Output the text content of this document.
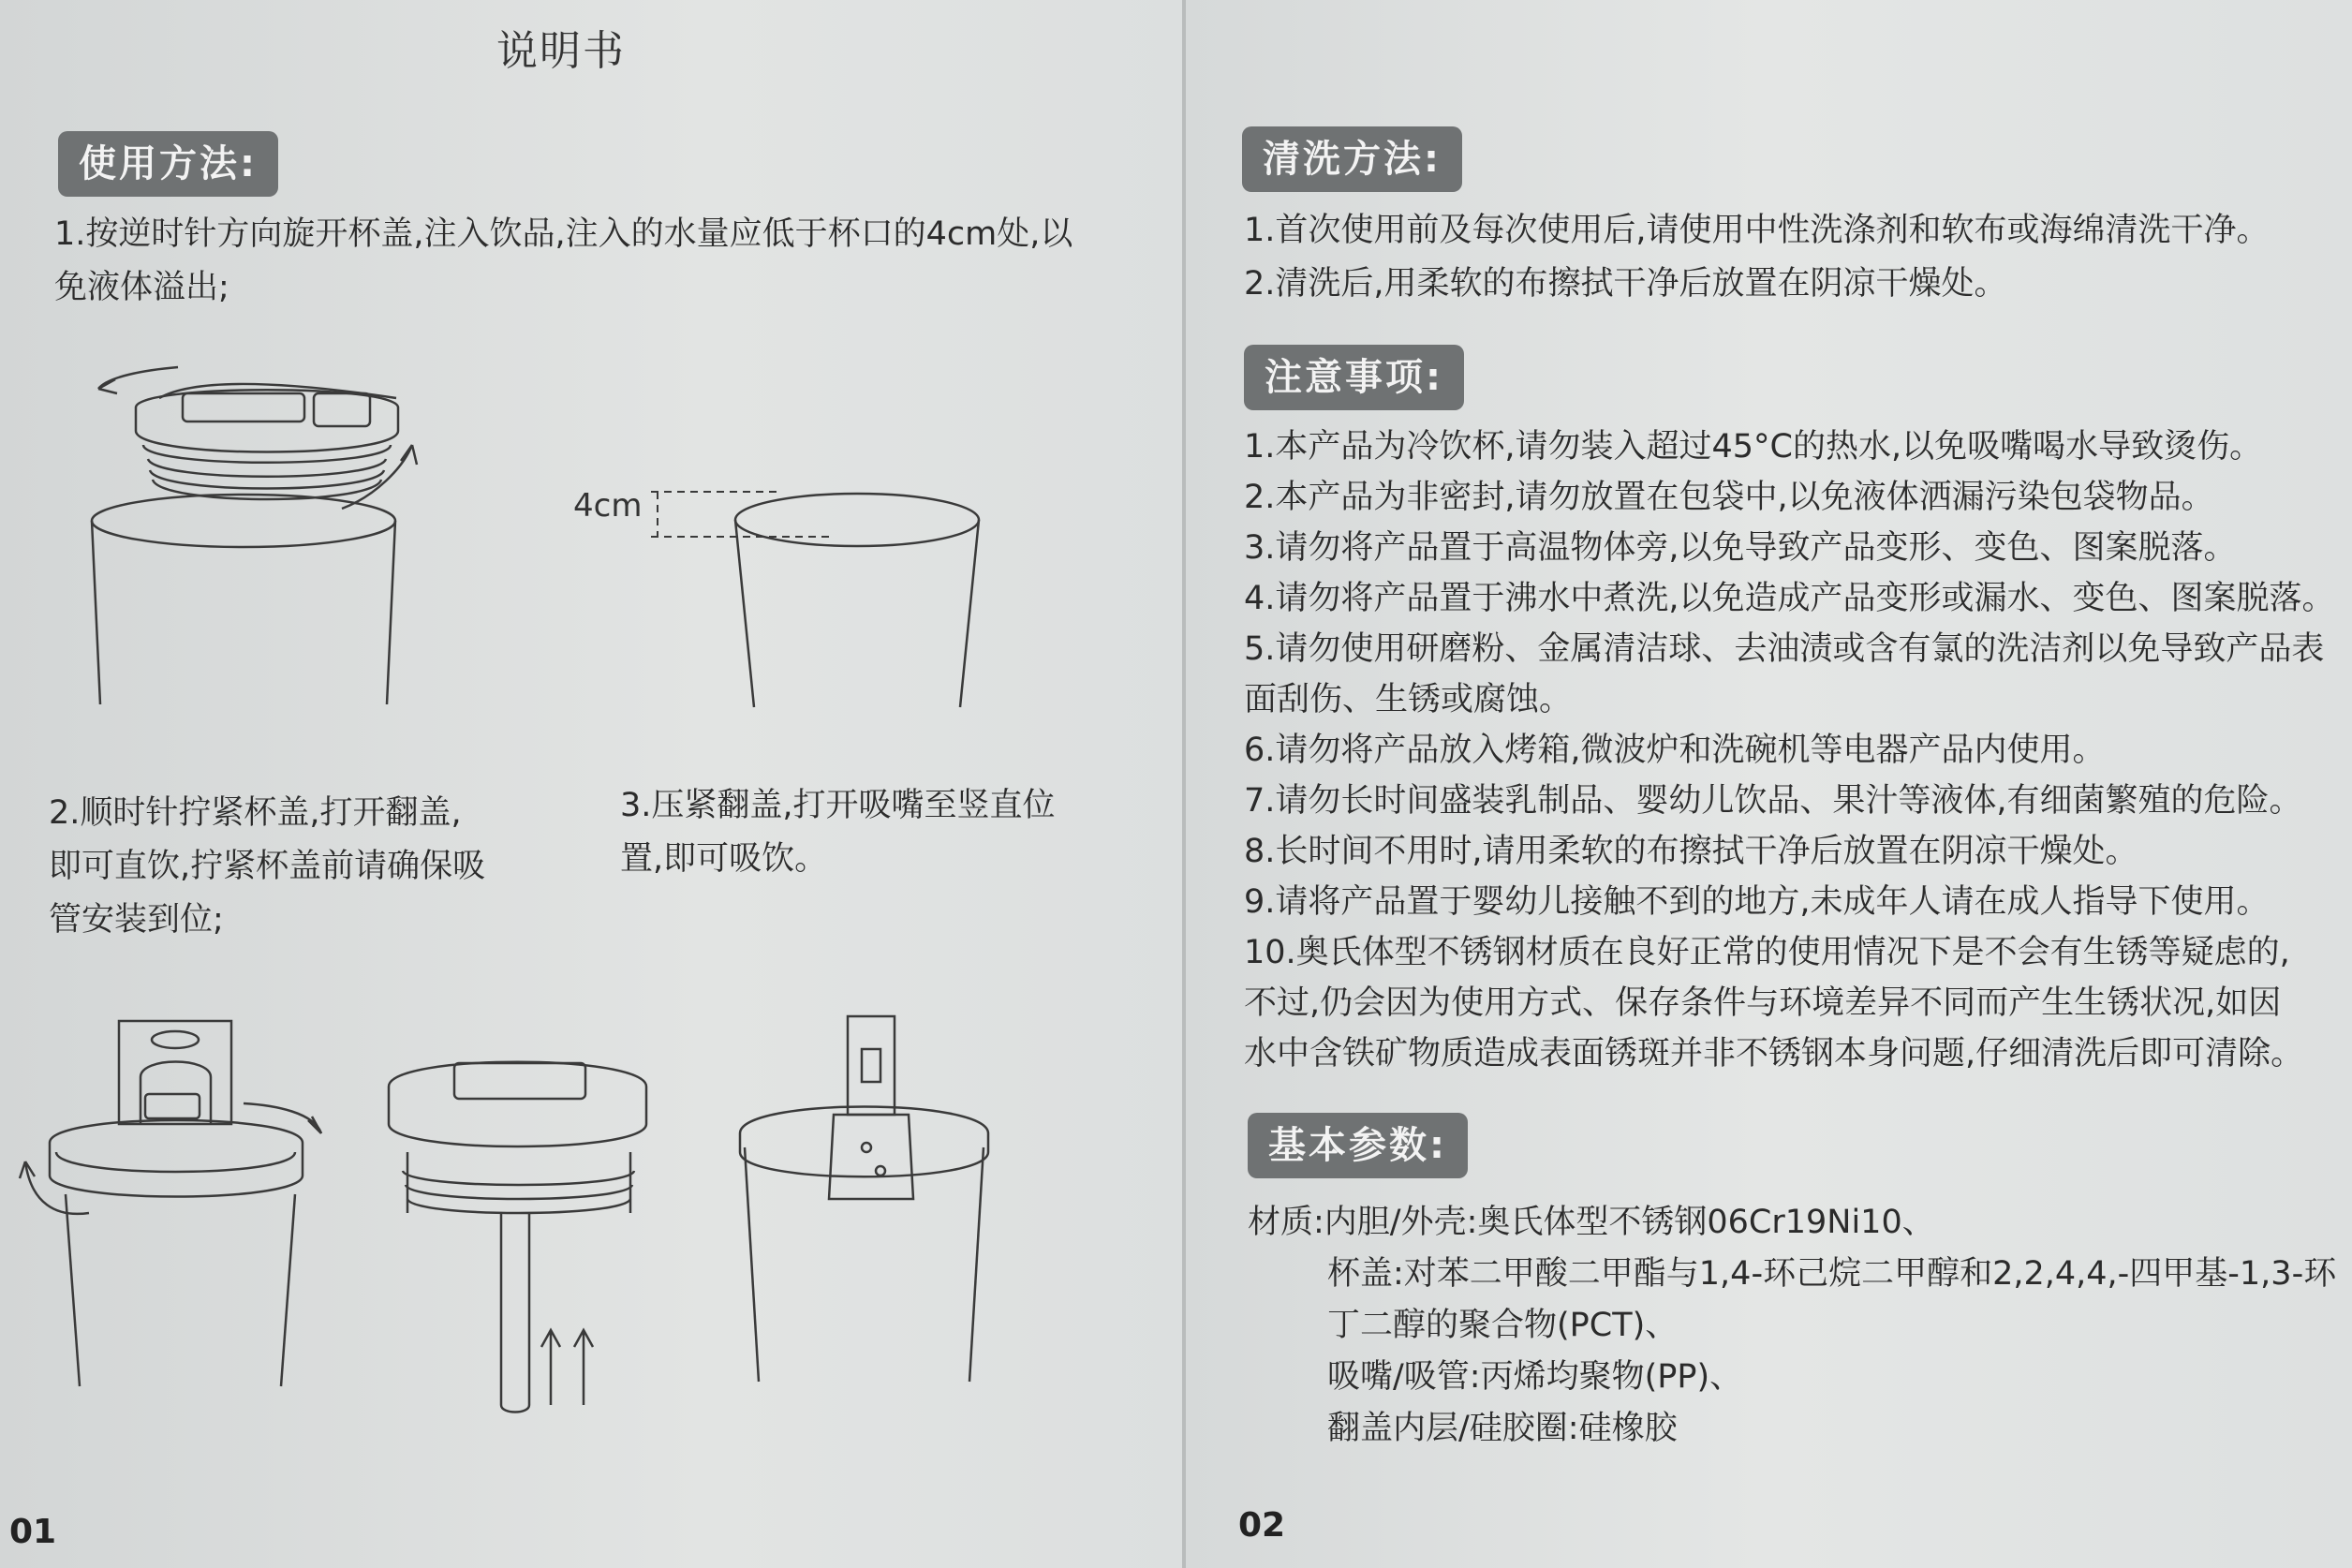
说明书
使用方法:
1.按逆时针方向旋开杯盖,注入饮品,注入的水量应低于杯口的4cm处,以
免液体溢出;
4cm
2.顺时针拧紧杯盖,打开翻盖,
即可直饮,拧紧杯盖前请确保吸
管安装到位;
3.压紧翻盖,打开吸嘴至竖直位
置,即可吸饮。
01
清洗方法:
1.首次使用前及每次使用后,请使用中性洗涤剂和软布或海绵清洗干净。
2.清洗后,用柔软的布擦拭干净后放置在阴凉干燥处。
注意事项:
1.本产品为冷饮杯,请勿装入超过45°C的热水,以免吸嘴喝水导致烫伤。
2.本产品为非密封,请勿放置在包袋中,以免液体洒漏污染包袋物品。
3.请勿将产品置于高温物体旁,以免导致产品变形、变色、图案脱落。
4.请勿将产品置于沸水中煮洗,以免造成产品变形或漏水、变色、图案脱落。
5.请勿使用研磨粉、金属清洁球、去油渍或含有氯的洗洁剂以免导致产品表
面刮伤、生锈或腐蚀。
6.请勿将产品放入烤箱,微波炉和洗碗机等电器产品内使用。
7.请勿长时间盛装乳制品、婴幼儿饮品、果汁等液体,有细菌繁殖的危险。
8.长时间不用时,请用柔软的布擦拭干净后放置在阴凉干燥处。
9.请将产品置于婴幼儿接触不到的地方,未成年人请在成人指导下使用。
10.奥氏体型不锈钢材质在良好正常的使用情况下是不会有生锈等疑虑的,
不过,仍会因为使用方式、保存条件与环境差异不同而产生生锈状况,如因
水中含铁矿物质造成表面锈斑并非不锈钢本身问题,仔细清洗后即可清除。
基本参数:
材质:内胆/外壳:奥氏体型不锈钢06Cr19Ni10、
杯盖:对苯二甲酸二甲酯与1,4-环己烷二甲醇和2,2,4,4,-四甲基-1,3-环
丁二醇的聚合物(PCT)、
吸嘴/吸管:丙烯均聚物(PP)、
翻盖内层/硅胶圈:硅橡胶
02
